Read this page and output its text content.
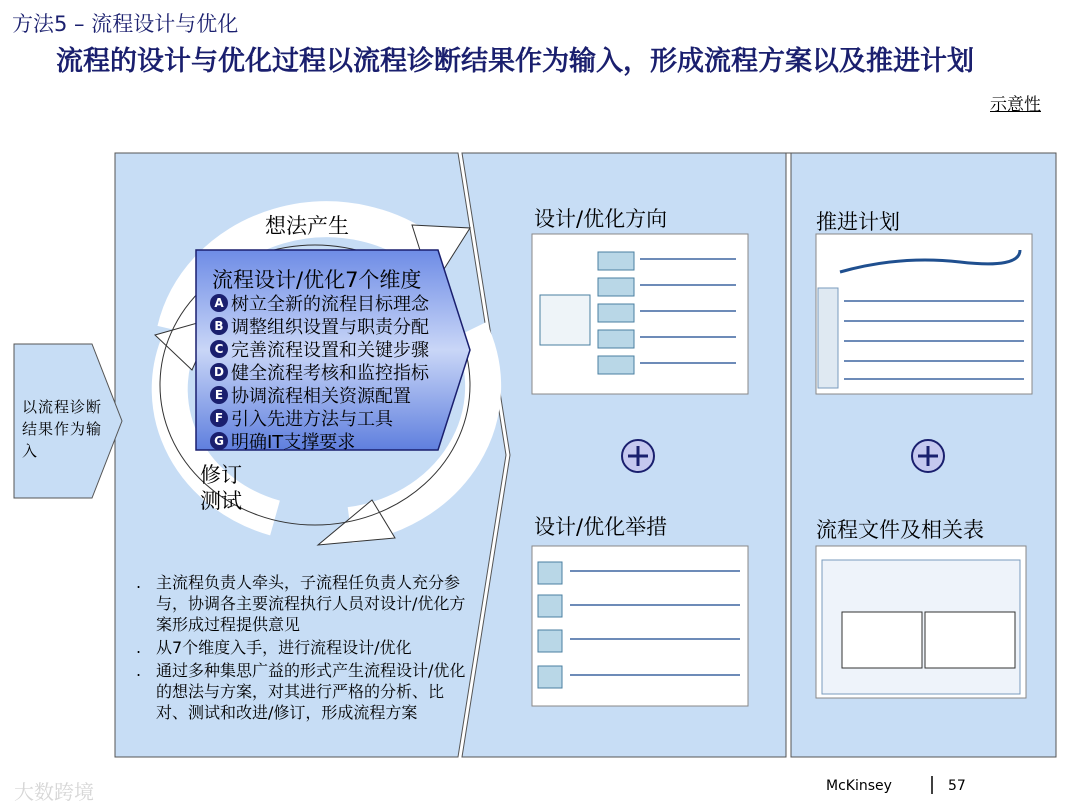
方法5 – 流程设计与优化
流程的设计与优化过程以流程诊断结果作为输入，形成流程方案以及推进计划
示意性
以流程诊断结果作为输入
想法产生
修订
测试
流程设计/优化7个维度
A 树立全新的流程目标理念
B 调整组织设置与职责分配
C 完善流程设置和关键步骤
D 健全流程考核和监控指标
E 协调流程相关资源配置
F 引入先进方法与工具
G 明确IT支撑要求
. 主流程负责人牵头，子流程任负责人充分参与，协调各主要流程执行人员对设计/优化方案形成过程提供意见
. 从7个维度入手，进行流程设计/优化
. 通过多种集思广益的形式产生流程设计/优化的想法与方案，对其进行严格的分析、比对、测试和改进/修订，形成流程方案
设计/优化方向
设计/优化举措
推进计划
流程文件及相关表
McKinsey	57
大数跨境
